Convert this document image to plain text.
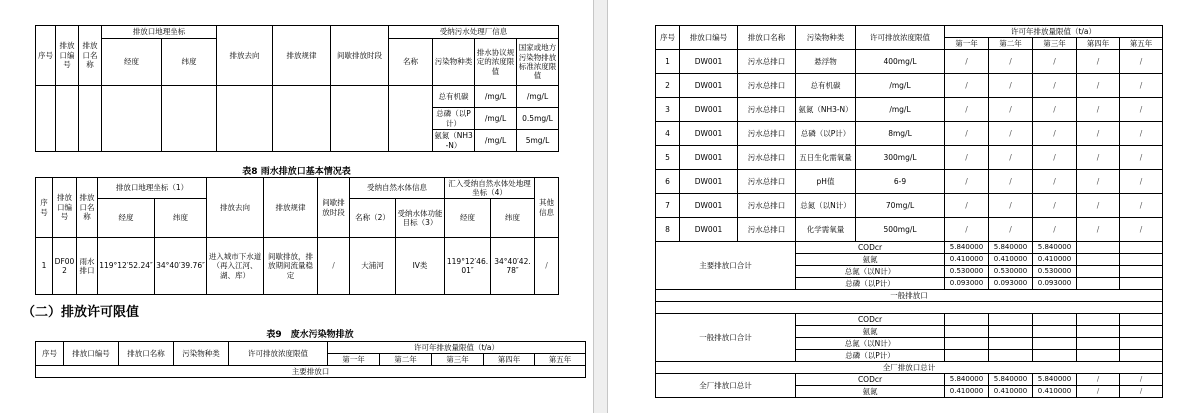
序号	排放口编号	排放口名称	排放口地理坐标		排放去向	排放规律	间歇排放时段	受纳污水处理厂信息			
			经度	纬度				名称	污染物种类	排水协议规定的浓度限值	国家或地方污染物排放标准浓度限值
									总有机碳	/mg/L	/mg/L
									总磷（以P计）	/mg/L	0.5mg/L
									氨氮（NH3-N）	/mg/L	5mg/L
表8 雨水排放口基本情况表
序号	排放口编号	排放口名称	排放口地理坐标（1）		排放去向	排放规律	间歇排放时段	受纳自然水体信息		汇入受纳自然水体处地理坐标（4）		其他信息
			经度	纬度				名称（2）	受纳水体功能目标（3）	经度	纬度	
1	DF002	雨水排口	119°12′52.24″	34°40′39.76″	进入城市下水道（再入江河、湖、库）	间歇排放，排放期间流量稳定	/	大浦河	IV类	119°12′46.01″	34°40′42.78″	/
（二）排放许可限值
表9　废水污染物排放
序号	排放口编号	排放口名称	污染物种类	许可排放浓度限值	许可年排放量限值（t/a）				
					第一年	第二年	第三年	第四年	第五年
主要排放口									
序号	排放口编号	排放口名称	污染物种类	许可排放浓度限值	许可年排放量限值（t/a）				
					第一年	第二年	第三年	第四年	第五年
1	DW001	污水总排口	悬浮物	400mg/L	/	/	/	/	/
2	DW001	污水总排口	总有机碳	/mg/L	/	/	/	/	/
3	DW001	污水总排口	氨氮（NH3-N）	/mg/L	/	/	/	/	/
4	DW001	污水总排口	总磷（以P计）	8mg/L	/	/	/	/	/
5	DW001	污水总排口	五日生化需氧量	300mg/L	/	/	/	/	/
6	DW001	污水总排口	pH值	6-9	/	/	/	/	/
7	DW001	污水总排口	总氮（以N计）	70mg/L	/	/	/	/	/
8	DW001	污水总排口	化学需氧量	500mg/L	/	/	/	/	/
主要排放口合计			CODcr		5.840000	5.840000	5.840000		
			氨氮		0.410000	0.410000	0.410000		
			总氮（以N计）		0.530000	0.530000	0.530000		
			总磷（以P计）		0.093000	0.093000	0.093000		
一般排放口									

一般排放口合计			CODcr						
			氨氮						
			总氮（以N计）						
			总磷（以P计）						
全厂排放口总计									
全厂排放口总计			CODcr		5.840000	5.840000	5.840000	/	/
			氨氮		0.410000	0.410000	0.410000	/	/
